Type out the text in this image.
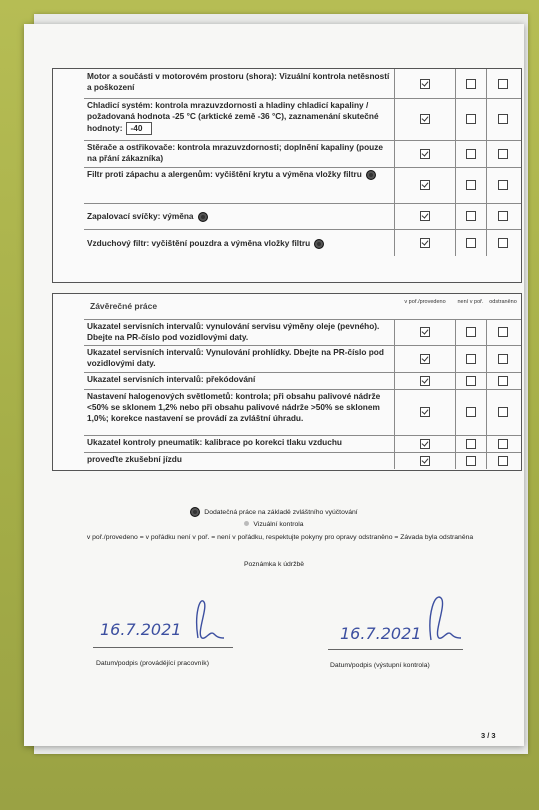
Motor a součásti v motorovém prostoru (shora): Vizuální kontrola netěsností a poškození
Chladicí systém: kontrola mrazuvzdornosti a hladiny chladicí kapaliny / požadovaná hodnota -25 °C (arktické země -36 °C), zaznamenání skutečné hodnoty: -40
Stěrače a ostřikovače: kontrola mrazuvzdornosti; doplnění kapaliny (pouze na přání zákazníka)
Filtr proti zápachu a alergenům: vyčištění krytu a výměna vložky filtru
Zapalovací svíčky: výměna
Vzduchový filtr: vyčištění pouzdra a výměna vložky filtru
Závěrečné práce	v poř./provedeno	není v poř.	odstraněno
Ukazatel servisních intervalů: vynulování servisu výměny oleje (pevného). Dbejte na PR-číslo pod vozidlovými daty.
Ukazatel servisních intervalů: Vynulování prohlídky. Dbejte na PR-číslo pod vozidlovými daty.
Ukazatel servisních intervalů: překódování
Nastavení halogenových světlometů: kontrola; při obsahu palivové nádrže <50% se sklonem 1,2% nebo při obsahu palivové nádrže >50% se sklonem 1,0%; korekce nastavení se provádí za zvláštní úhradu.
Ukazatel kontroly pneumatik: kalibrace po korekci tlaku vzduchu
proveďte zkušební jízdu
Dodatečná práce na základě zvláštního vyúčtování
Vizuální kontrola
v poř./provedeno = v pořádku není v poř. = není v pořádku, respektujte pokyny pro opravy odstraněno = Závada byla odstraněna
Poznámka k údržbě
16.7.2021
Datum/podpis (provádějící pracovník)
16.7.2021
Datum/podpis (výstupní kontrola)
3 / 3
